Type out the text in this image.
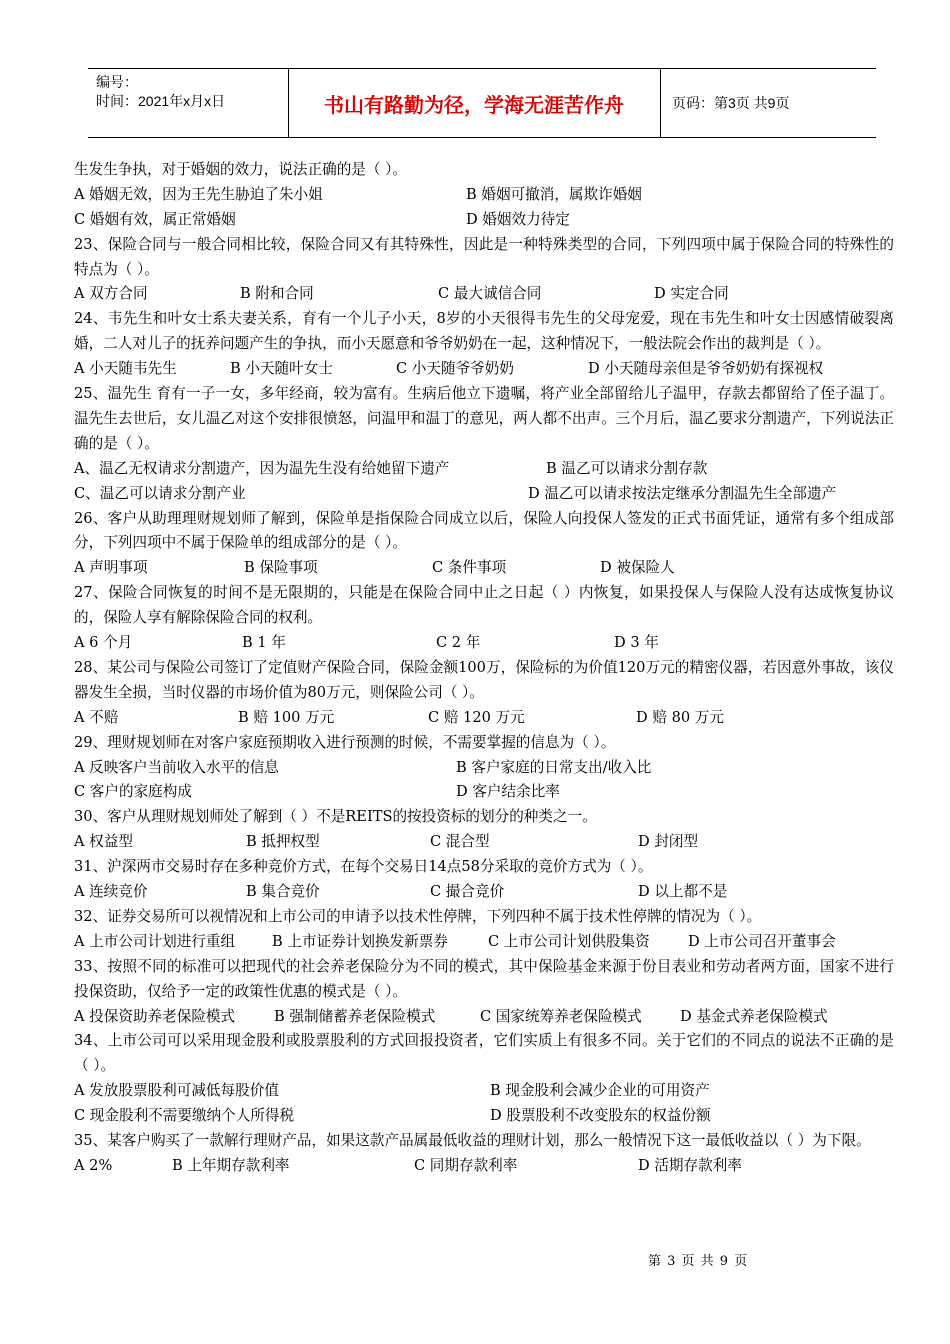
编号：
时间：2021年x月x日	书山有路勤为径，学海无涯苦作舟	页码：第3页 共9页
生发生争执，对于婚姻的效力，说法正确的是（ ）。
A 婚姻无效，因为王先生胁迫了朱小姐	B 婚姻可撤消，属欺诈婚姻
C 婚姻有效，属正常婚姻	D 婚姻效力待定
23、保险合同与一般合同相比较，保险合同又有其特殊性，因此是一种特殊类型的合同，下列四项中属于保险合同的特殊性的特点为（ ）。
A 双方合同	B 附和合同	C 最大诚信合同	D 实定合同
24、韦先生和叶女士系夫妻关系，育有一个儿子小天，8岁的小天很得韦先生的父母宠爱，现在韦先生和叶女士因感情破裂离婚，二人对儿子的抚养问题产生的争执，而小天愿意和爷爷奶奶在一起，这种情况下，一般法院会作出的裁判是（ ）。
A 小天随韦先生	B 小天随叶女士	C 小天随爷爷奶奶	D 小天随母亲但是爷爷奶奶有探视权
25、温先生 育有一子一女，多年经商，较为富有。生病后他立下遗嘱，将产业全部留给儿子温甲，存款去都留给了侄子温丁。温先生去世后，女儿温乙对这个安排很愤怒，问温甲和温丁的意见，两人都不出声。三个月后，温乙要求分割遗产，下列说法正确的是（ ）。
A、温乙无权请求分割遗产，因为温先生没有给她留下遗产	B 温乙可以请求分割存款
C、温乙可以请求分割产业	D 温乙可以请求按法定继承分割温先生全部遗产
26、客户从助理理财规划师了解到，保险单是指保险合同成立以后，保险人向投保人签发的正式书面凭证，通常有多个组成部分，下列四项中不属于保险单的组成部分的是（ ）。
A 声明事项	B 保险事项	C 条件事项	D 被保险人
27、保险合同恢复的时间不是无限期的，只能是在保险合同中止之日起（ ）内恢复，如果投保人与保险人没有达成恢复协议的，保险人享有解除保险合同的权利。
A 6 个月	B 1 年	C 2 年	D 3 年
28、某公司与保险公司签订了定值财产保险合同，保险金额100万，保险标的为价值120万元的精密仪器，若因意外事故，该仪器发生全损，当时仪器的市场价值为80万元，则保险公司（ ）。
A 不赔	B 赔 100 万元	C 赔 120 万元	D 赔 80 万元
29、理财规划师在对客户家庭预期收入进行预测的时候，不需要掌握的信息为（ ）。
A 反映客户当前收入水平的信息	B 客户家庭的日常支出/收入比
C 客户的家庭构成	D 客户结余比率
30、客户从理财规划师处了解到（ ）不是REITS的按投资标的划分的种类之一。
A 权益型	B 抵押权型	C 混合型	D 封闭型
31、沪深两市交易时存在多种竞价方式，在每个交易日14点58分采取的竞价方式为（ ）。
A 连续竞价	B 集合竞价	C 撮合竞价	D 以上都不是
32、证券交易所可以视情况和上市公司的申请予以技术性停牌，下列四种不属于技术性停牌的情况为（ ）。
A 上市公司计划进行重组	B 上市证券计划换发新票券	C 上市公司计划供股集资	D 上市公司召开董事会
33、按照不同的标准可以把现代的社会养老保险分为不同的模式，其中保险基金来源于份目表业和劳动者两方面，国家不进行投保资助，仅给予一定的政策性优惠的模式是（ ）。
A 投保资助养老保险模式	B 强制储蓄养老保险模式	C 国家统筹养老保险模式	D 基金式养老保险模式
34、上市公司可以采用现金股利或股票股利的方式回报投资者，它们实质上有很多不同。关于它们的不同点的说法不正确的是（ ）。
A 发放股票股利可减低每股价值	B 现金股利会减少企业的可用资产
C 现金股利不需要缴纳个人所得税	D 股票股利不改变股东的权益份额
35、某客户购买了一款解行理财产品，如果这款产品属最低收益的理财计划，那么一般情况下这一最低收益以（ ）为下限。
A 2%	B 上年期存款利率	C 同期存款利率	D 活期存款利率
第 3 页 共 9 页
